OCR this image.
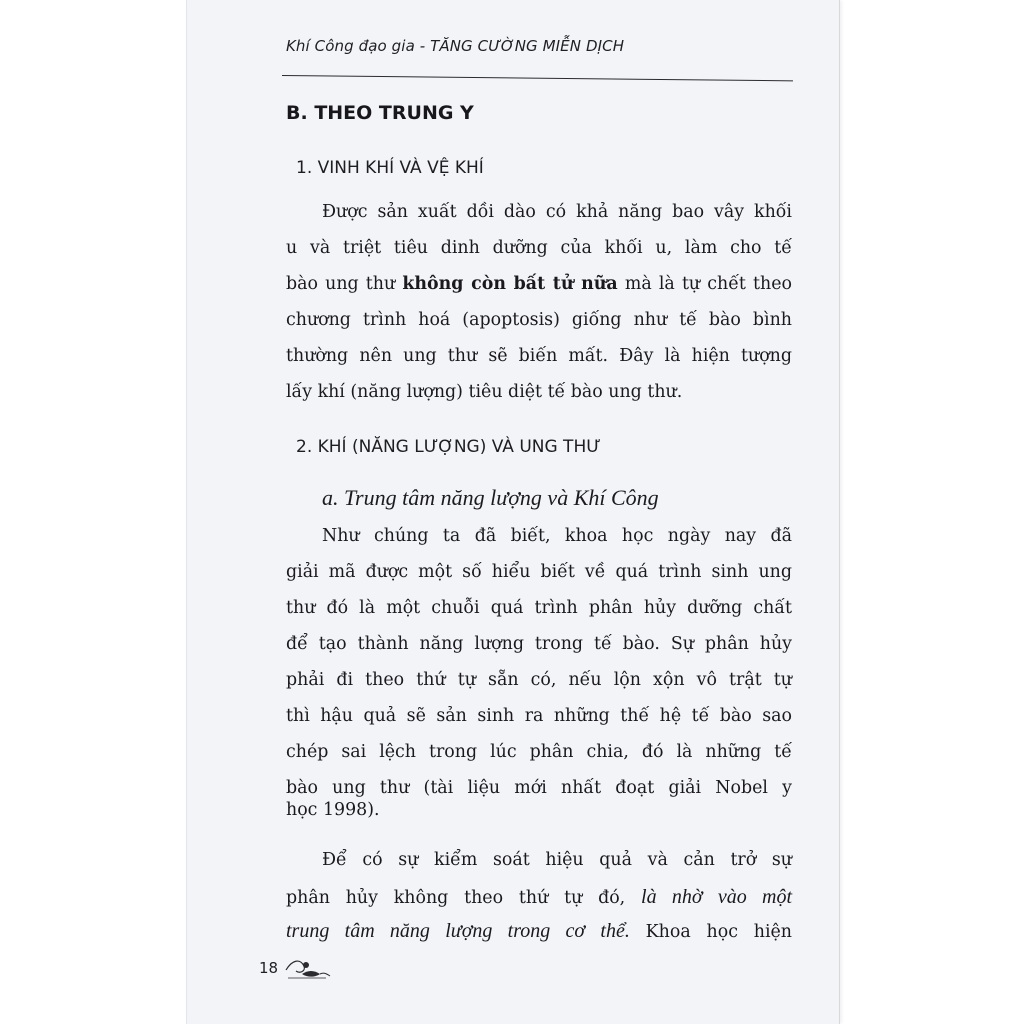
Khí Công đạo gia - TĂNG CƯỜNG MIỄN DỊCH
B. THEO TRUNG Y
1. VINH KHÍ VÀ VỆ KHÍ
Được sản xuất dồi dào có khả năng bao vây khối
u và triệt tiêu dinh dưỡng của khối u, làm cho tế
bào ung thư không còn bất tử nữa mà là tự chết theo
chương trình hoá (apoptosis) giống như tế bào bình
thường nên ung thư sẽ biến mất. Đây là hiện tượng
lấy khí (năng lượng) tiêu diệt tế bào ung thư.
2. KHÍ (NĂNG LƯỢNG) VÀ UNG THƯ
a. Trung tâm năng lượng và Khí Công
Như chúng ta đã biết, khoa học ngày nay đã
giải mã được một số hiểu biết về quá trình sinh ung
thư đó là một chuỗi quá trình phân hủy dưỡng chất
để tạo thành năng lượng trong tế bào. Sự phân hủy
phải đi theo thứ tự sẵn có, nếu lộn xộn vô trật tự
thì hậu quả sẽ sản sinh ra những thế hệ tế bào sao
chép sai lệch trong lúc phân chia, đó là những tế
bào ung thư (tài liệu mới nhất đoạt giải Nobel y
học 1998).
Để có sự kiểm soát hiệu quả và cản trở sự
phân hủy không theo thứ tự đó, là nhờ vào một
trung tâm năng lượng trong cơ thể. Khoa học hiện
18
